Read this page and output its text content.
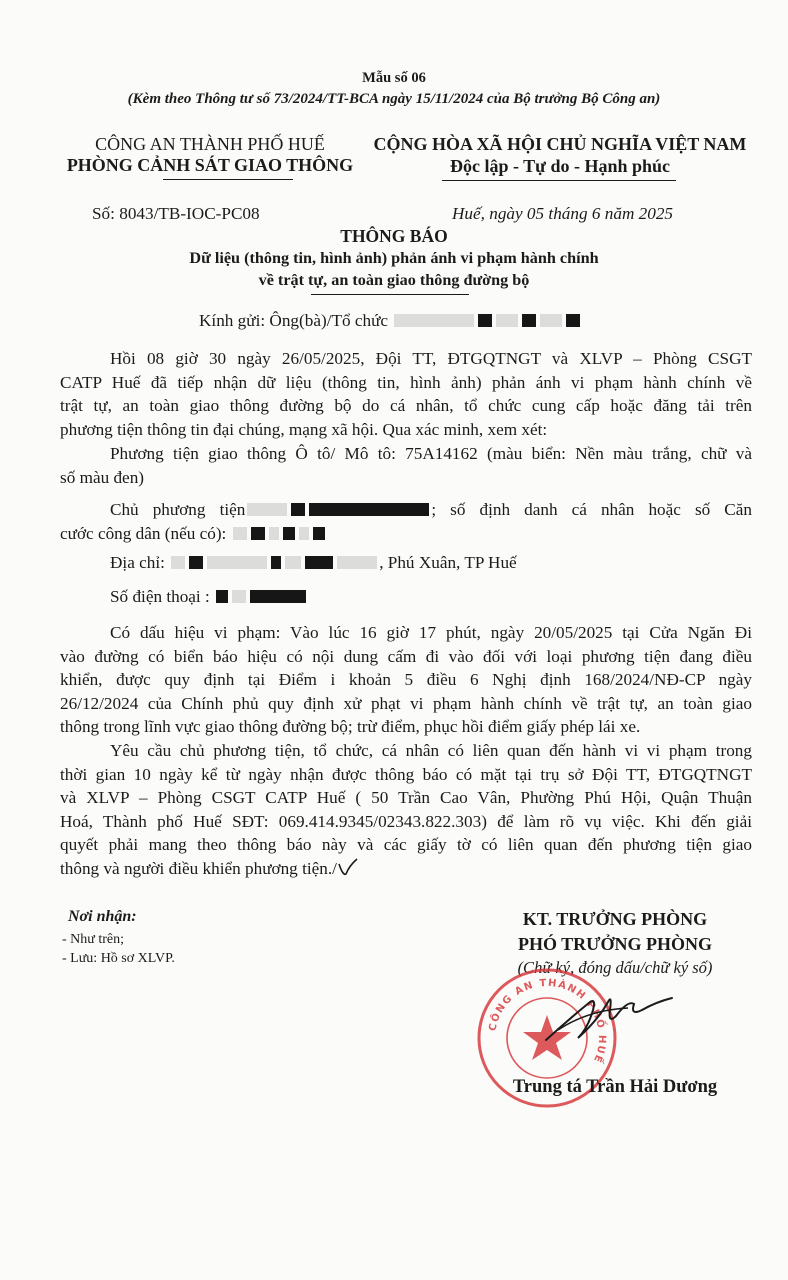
Mẫu số 06
(Kèm theo Thông tư số 73/2024/TT-BCA ngày 15/11/2024 của Bộ trưởng Bộ Công an)
CÔNG AN THÀNH PHỐ HUẾ
PHÒNG CẢNH SÁT GIAO THÔNG
CỘNG HÒA XÃ HỘI CHỦ NGHĨA VIỆT NAM
Độc lập - Tự do - Hạnh phúc
Số: 8043/TB-IOC-PC08	Huế, ngày 05 tháng 6 năm 2025
THÔNG BÁO
Dữ liệu (thông tin, hình ảnh) phản ánh vi phạm hành chính
về trật tự, an toàn giao thông đường bộ
Kính gửi: Ông(bà)/Tổ chức
Hồi 08 giờ 30 ngày 26/05/2025, Đội TT, ĐTGQTNGT và XLVP – Phòng CSGT
CATP Huế đã tiếp nhận dữ liệu (thông tin, hình ảnh) phản ánh vi phạm hành chính về
trật tự, an toàn giao thông đường bộ do cá nhân, tổ chức cung cấp hoặc đăng tải trên
phương tiện thông tin đại chúng, mạng xã hội. Qua xác minh, xem xét:
Phương tiện giao thông Ô tô/ Mô tô: 75A14162 (màu biển: Nền màu trắng, chữ và
số màu đen)
Chủ phương tiện	; số định danh cá nhân hoặc số Căn
cước công dân (nếu có):
Địa chỉ:	, Phú Xuân, TP Huế
Số điện thoại :
Có dấu hiệu vi phạm: Vào lúc 16 giờ 17 phút, ngày 20/05/2025 tại Cửa Ngăn Đi
vào đường có biển báo hiệu có nội dung cấm đi vào đối với loại phương tiện đang điều
khiển, được quy định tại Điểm i khoản 5 điều 6 Nghị định 168/2024/NĐ-CP ngày
26/12/2024 của Chính phủ quy định xử phạt vi phạm hành chính về trật tự, an toàn giao
thông trong lĩnh vực giao thông đường bộ; trừ điểm, phục hồi điểm giấy phép lái xe.
Yêu cầu chủ phương tiện, tổ chức, cá nhân có liên quan đến hành vi vi phạm trong
thời gian 10 ngày kể từ ngày nhận được thông báo có mặt tại trụ sở Đội TT, ĐTGQTNGT
và XLVP – Phòng CSGT CATP Huế ( 50 Trần Cao Vân, Phường Phú Hội, Quận Thuận
Hoá, Thành phố Huế SĐT: 069.414.9345/02343.822.303) để làm rõ vụ việc. Khi đến giải
quyết phải mang theo thông báo này và các giấy tờ có liên quan đến phương tiện giao
thông và người điều khiển phương tiện./
Nơi nhận:
- Như trên;
- Lưu: Hồ sơ XLVP.
KT. TRƯỞNG PHÒNG
PHÓ TRƯỞNG PHÒNG
(Chữ ký, đóng dấu/chữ ký số)
CÔNG AN THÀNH PHỐ HUẾ
Trung tá Trần Hải Dương
